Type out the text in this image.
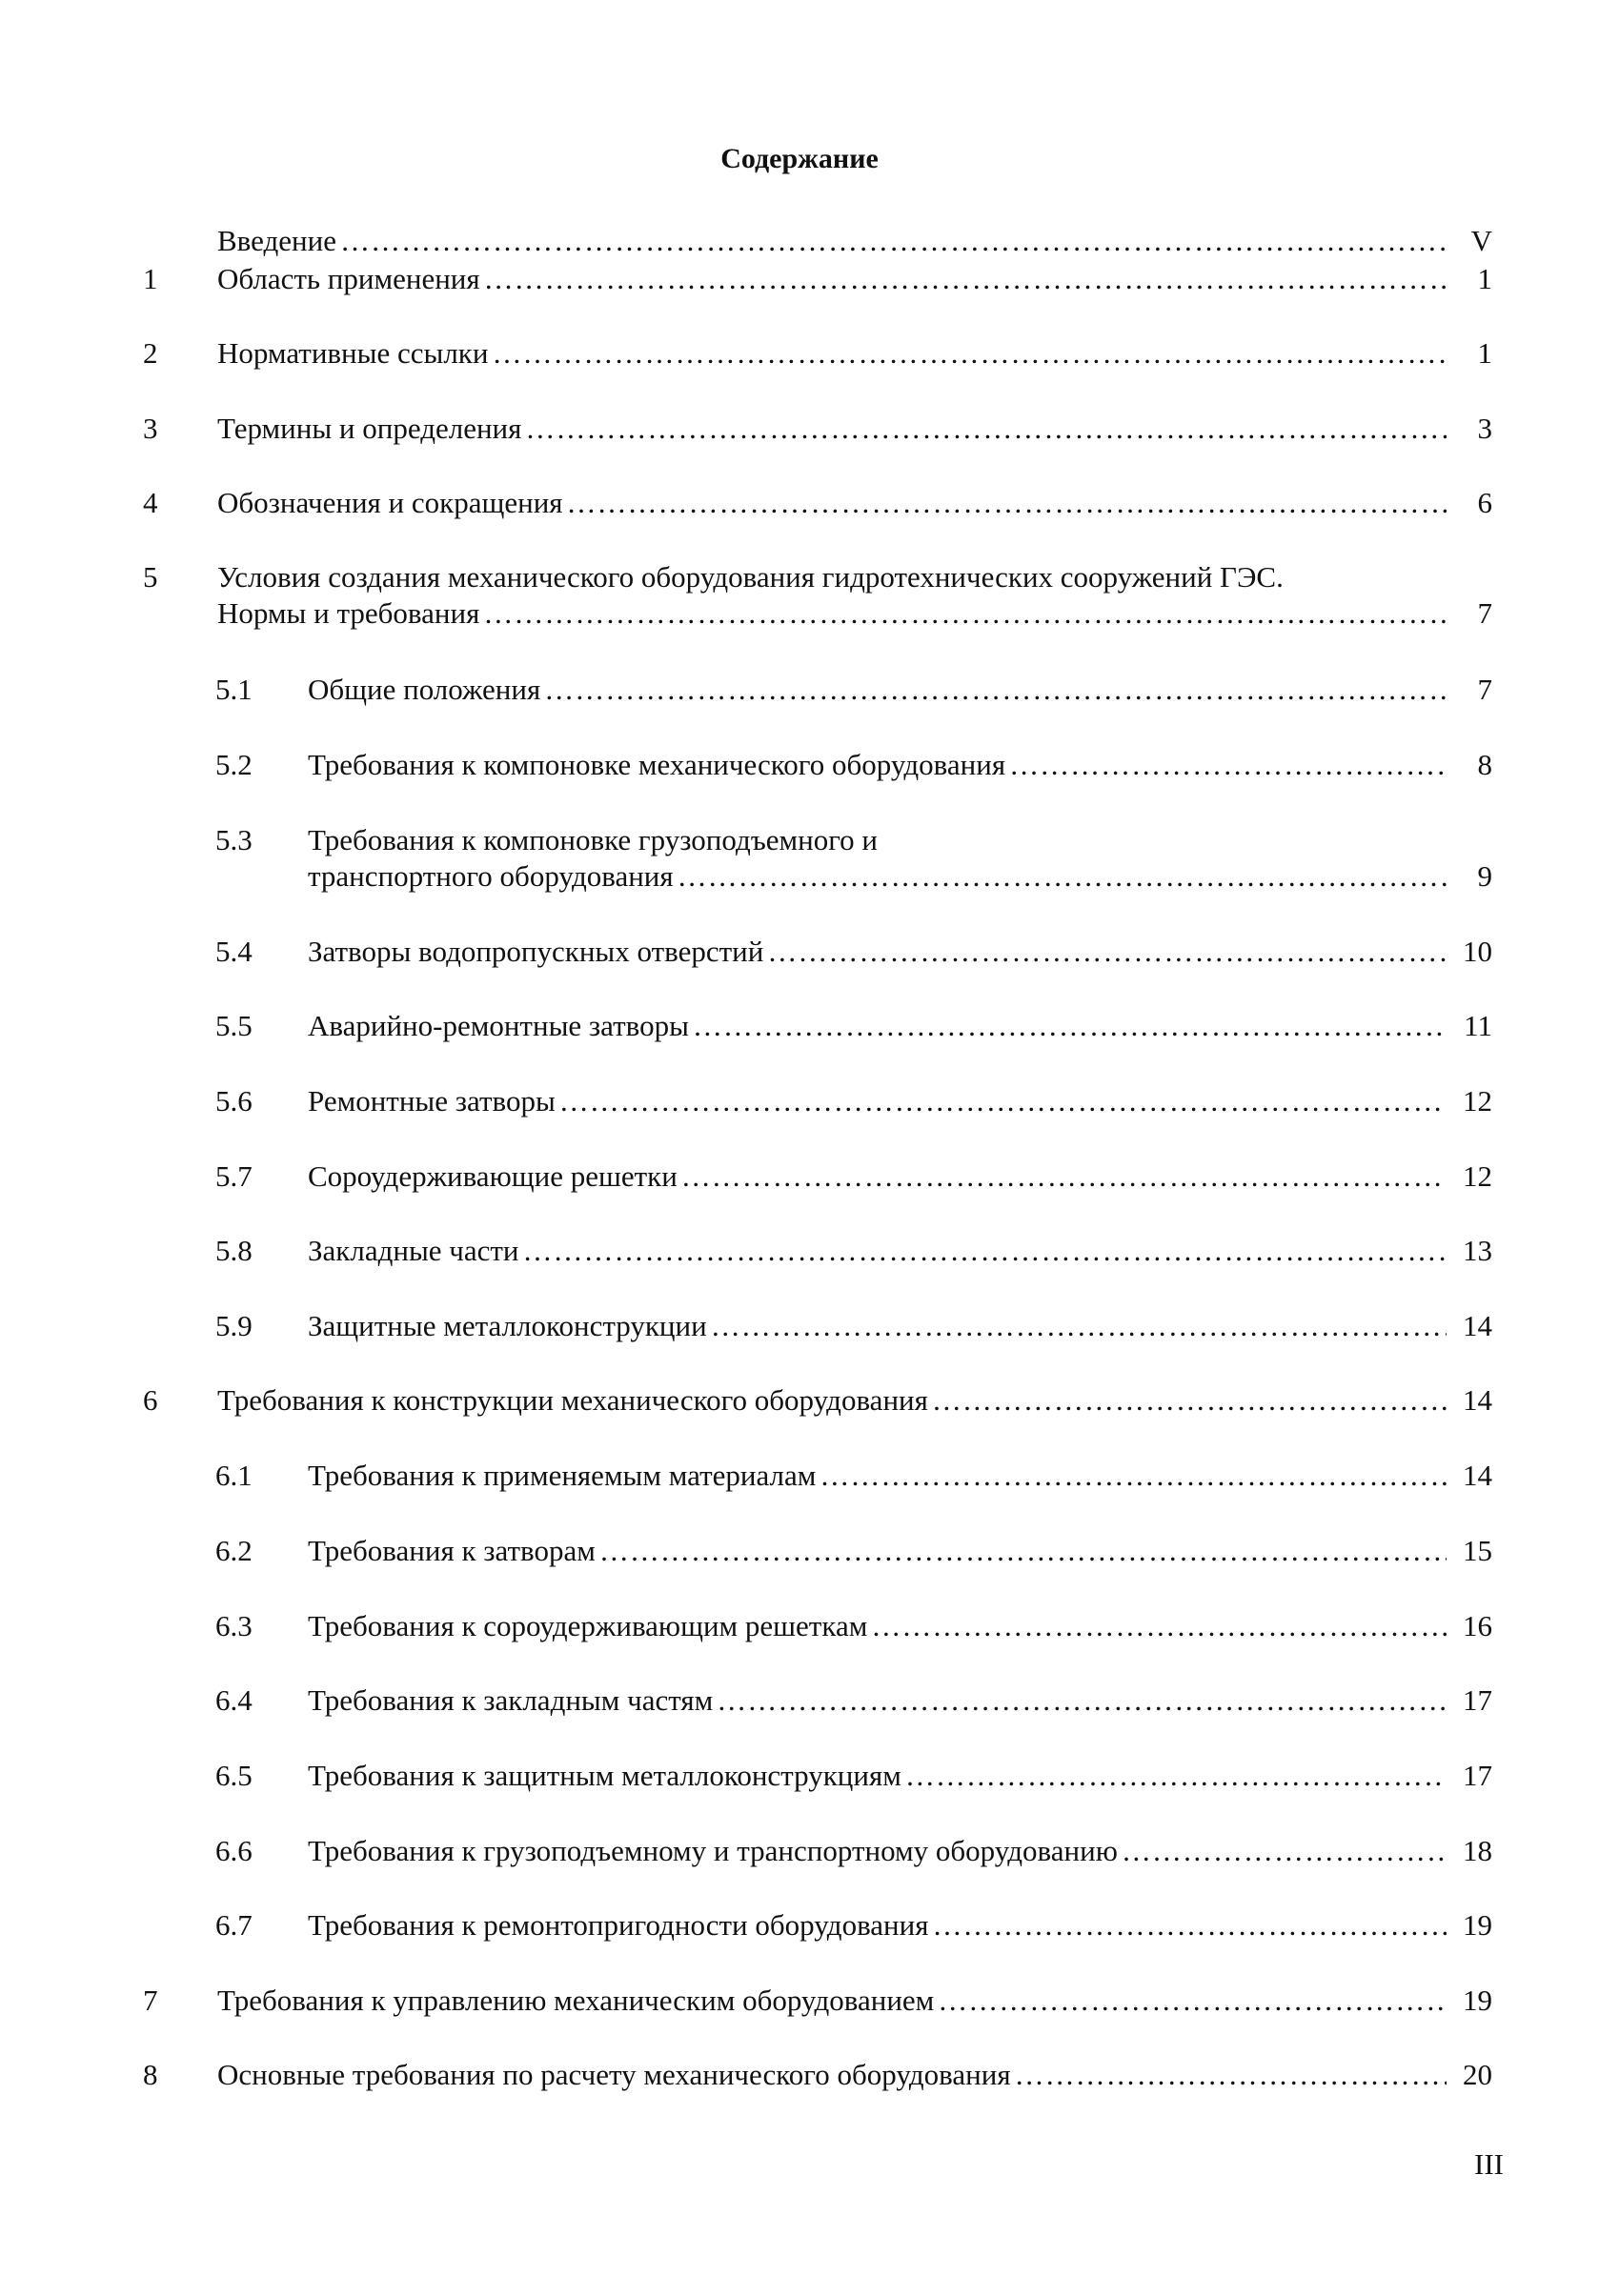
Содержание
Введение …………………………………………………………………………………………………………………………………………………………	V
1 Область применения …………………………………………………………………………………………………………………………………………………………	1
2 Нормативные ссылки …………………………………………………………………………………………………………………………………………………………	1
3 Термины и определения …………………………………………………………………………………………………………………………………………………………	3
4 Обозначения и сокращения …………………………………………………………………………………………………………………………………………………………	6
5 Условия создания механического оборудования гидротехнических сооружений ГЭС.
Нормы и требования …………………………………………………………………………………………………………………………………………………………	7
5.1 Общие положения …………………………………………………………………………………………………………………………………………………………	7
5.2 Требования к компоновке механического оборудования …………………………………………………………………………………………………………………………………………………………	8
5.3 Требования к компоновке грузоподъемного и
транспортного оборудования …………………………………………………………………………………………………………………………………………………………	9
5.4 Затворы водопропускных отверстий …………………………………………………………………………………………………………………………………………………………	10
5.5 Аварийно-ремонтные затворы …………………………………………………………………………………………………………………………………………………………	11
5.6 Ремонтные затворы …………………………………………………………………………………………………………………………………………………………	12
5.7 Сороудерживающие решетки …………………………………………………………………………………………………………………………………………………………	12
5.8 Закладные части …………………………………………………………………………………………………………………………………………………………	13
5.9 Защитные металлоконструкции …………………………………………………………………………………………………………………………………………………………	14
6 Требования к конструкции механического оборудования …………………………………………………………………………………………………………………………………………………………	14
6.1 Требования к применяемым материалам …………………………………………………………………………………………………………………………………………………………	14
6.2 Требования к затворам …………………………………………………………………………………………………………………………………………………………	15
6.3 Требования к сороудерживающим решеткам …………………………………………………………………………………………………………………………………………………………	16
6.4 Требования к закладным частям …………………………………………………………………………………………………………………………………………………………	17
6.5 Требования к защитным металлоконструкциям …………………………………………………………………………………………………………………………………………………………	17
6.6 Требования к грузоподъемному и транспортному оборудованию …………………………………………………………………………………………………………………………………………………………	18
6.7 Требования к ремонтопригодности оборудования …………………………………………………………………………………………………………………………………………………………	19
7 Требования к управлению механическим оборудованием …………………………………………………………………………………………………………………………………………………………	19
8 Основные требования по расчету механического оборудования …………………………………………………………………………………………………………………………………………………………	20
III
